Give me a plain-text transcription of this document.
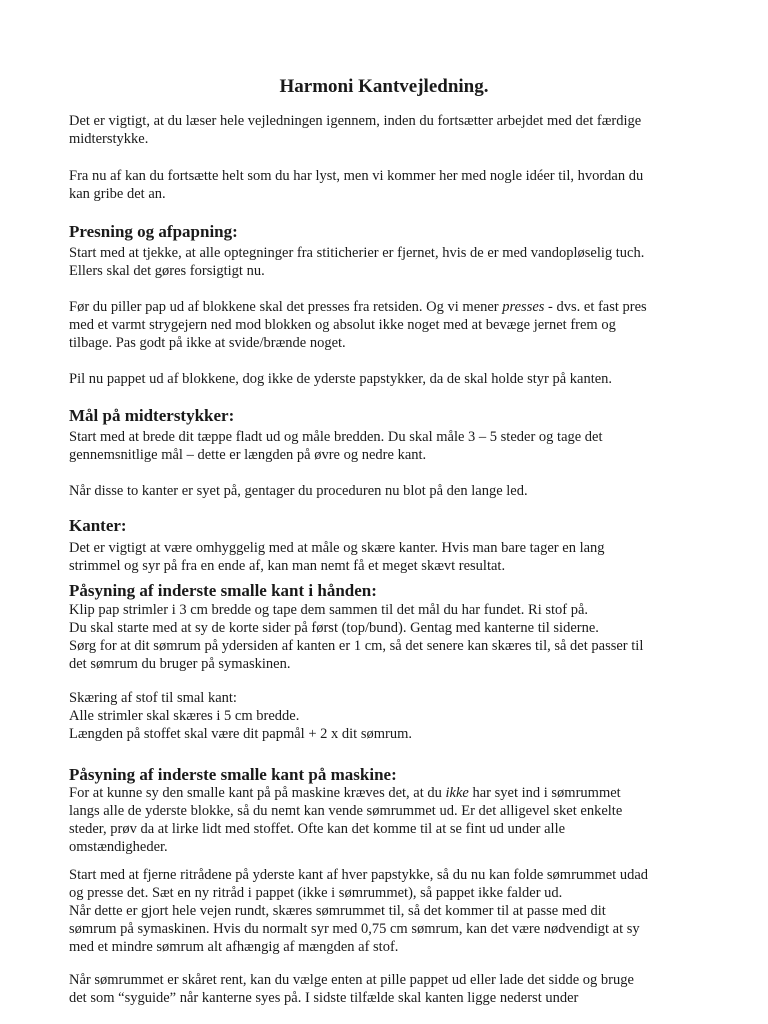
Harmoni Kantvejledning.

Det er vigtigt, at du læser hele vejledningen igennem, inden du fortsætter arbejdet med det færdige
midterstykke.

Fra nu af kan du fortsætte helt som du har lyst, men vi kommer her med nogle idéer til, hvordan du
kan gribe det an.

Presning og afpapning:

Start med at tjekke, at alle optegninger fra stiticherier er fjernet, hvis de er med vandopløselig tuch.
Ellers skal det gøres forsigtigt nu.

Før du piller pap ud af blokkene skal det presses fra retsiden. Og vi mener presses - dvs. et fast pres
med et varmt strygejern ned mod blokken og absolut ikke noget med at bevæge jernet frem og
tilbage. Pas godt på ikke at svide/brænde noget.

Pil nu pappet ud af blokkene, dog ikke de yderste papstykker, da de skal holde styr på kanten.

Mål på midterstykker:

Start med at brede dit tæppe fladt ud og måle bredden. Du skal måle 3 – 5 steder og tage det
gennemsnitlige mål – dette er længden på øvre og nedre kant.

Når disse to kanter er syet på, gentager du proceduren nu blot på den lange led.

Kanter:

Det er vigtigt at være omhyggelig med at måle og skære kanter. Hvis man bare tager en lang
strimmel og syr på fra en ende af, kan man nemt få et meget skævt resultat.

Påsyning af inderste smalle kant i hånden:

Klip pap strimler i 3 cm bredde og tape dem sammen til det mål du har fundet. Ri stof på.
Du skal starte med at sy de korte sider på først (top/bund). Gentag med kanterne til siderne.
Sørg for at dit sømrum på ydersiden af kanten er 1 cm, så det senere kan skæres til, så det passer til
det sømrum du bruger på symaskinen.

Skæring af stof til smal kant:
Alle strimler skal skæres i 5 cm bredde.
Længden på stoffet skal være dit papmål + 2 x dit sømrum.

Påsyning af inderste smalle kant på maskine:

For at kunne sy den smalle kant på på maskine kræves det, at du ikke har syet ind i sømrummet
langs alle de yderste blokke, så du nemt kan vende sømrummet ud. Er det alligevel sket enkelte
steder, prøv da at lirke lidt med stoffet. Ofte kan det komme til at se fint ud under alle
omstændigheder.

Start med at fjerne ritrådene på yderste kant af hver papstykke, så du nu kan folde sømrummet udad
og presse det. Sæt en ny ritråd i pappet (ikke i sømrummet), så pappet ikke falder ud.
Når dette er gjort hele vejen rundt, skæres sømrummet til, så det kommer til at passe med dit
sømrum på symaskinen. Hvis du normalt syr med 0,75 cm sømrum, kan det være nødvendigt at sy
med et mindre sømrum alt afhængig af mængden af stof.

Når sømrummet er skåret rent, kan du vælge enten at pille pappet ud eller lade det sidde og bruge
det som “syguide” når kanterne syes på. I sidste tilfælde skal kanten ligge nederst under
